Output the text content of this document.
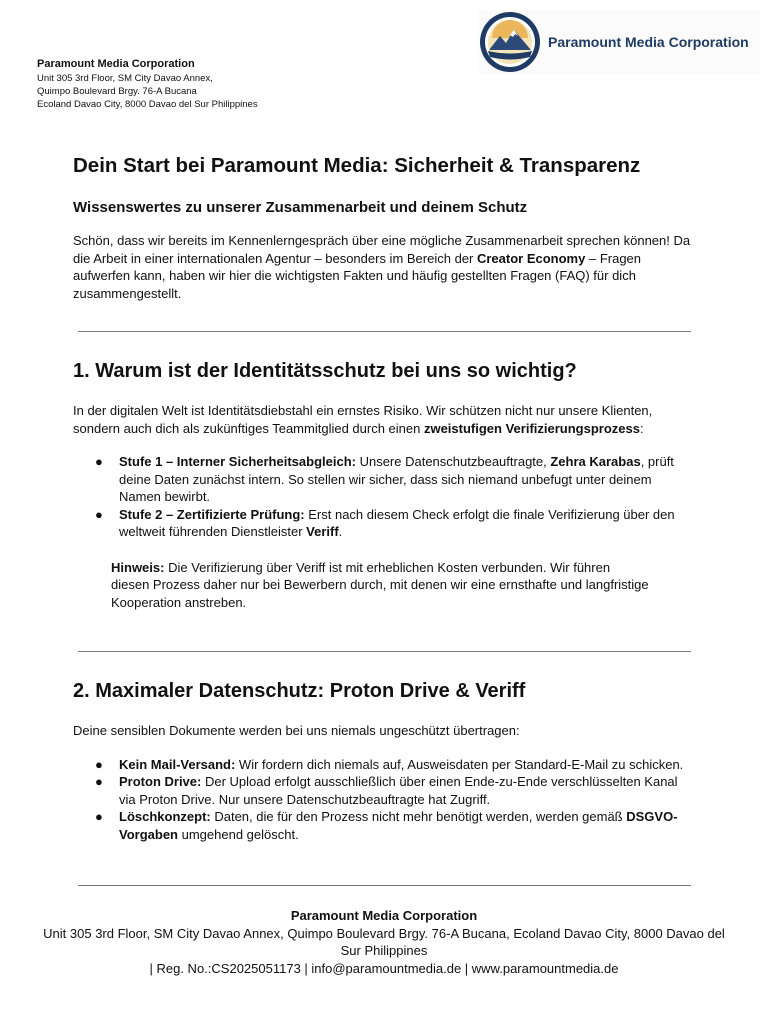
Paramount Media Corporation
Paramount Media Corporation
Unit 305 3rd Floor, SM City Davao Annex,
Quimpo Boulevard Brgy. 76-A Bucana
Ecoland Davao City, 8000 Davao del Sur Philippines
Dein Start bei Paramount Media: Sicherheit & Transparenz
Wissenswertes zu unserer Zusammenarbeit und deinem Schutz

Schön, dass wir bereits im Kennenlerngespräch über eine mögliche Zusammenarbeit sprechen können! Da die Arbeit in einer internationalen Agentur – besonders im Bereich der Creator Economy – Fragen aufwerfen kann, haben wir hier die wichtigsten Fakten und häufig gestellten Fragen (FAQ) für dich zusammengestellt.

1. Warum ist der Identitätsschutz bei uns so wichtig?

In der digitalen Welt ist Identitätsdiebstahl ein ernstes Risiko. Wir schützen nicht nur unsere Klienten, sondern auch dich als zukünftiges Teammitglied durch einen zweistufigen Verifizierungsprozess:

● Stufe 1 – Interner Sicherheitsabgleich: Unsere Datenschutzbeauftragte, Zehra Karabas, prüft deine Daten zunächst intern. So stellen wir sicher, dass sich niemand unbefugt unter deinem Namen bewirbt.
● Stufe 2 – Zertifizierte Prüfung: Erst nach diesem Check erfolgt die finale Verifizierung über den weltweit führenden Dienstleister Veriff.

Hinweis: Die Verifizierung über Veriff ist mit erheblichen Kosten verbunden. Wir führen diesen Prozess daher nur bei Bewerbern durch, mit denen wir eine ernsthafte und langfristige Kooperation anstreben.

2. Maximaler Datenschutz: Proton Drive & Veriff

Deine sensiblen Dokumente werden bei uns niemals ungeschützt übertragen:

● Kein Mail-Versand: Wir fordern dich niemals auf, Ausweisdaten per Standard-E-Mail zu schicken.
● Proton Drive: Der Upload erfolgt ausschließlich über einen Ende-zu-Ende verschlüsselten Kanal via Proton Drive. Nur unsere Datenschutzbeauftragte hat Zugriff.
● Löschkonzept: Daten, die für den Prozess nicht mehr benötigt werden, werden gemäß DSGVO-Vorgaben umgehend gelöscht.
Paramount Media Corporation
Unit 305 3rd Floor, SM City Davao Annex, Quimpo Boulevard Brgy. 76-A Bucana, Ecoland Davao City, 8000 Davao del Sur Philippines
| Reg. No.:CS2025051173 | info@paramountmedia.de | www.paramountmedia.de
